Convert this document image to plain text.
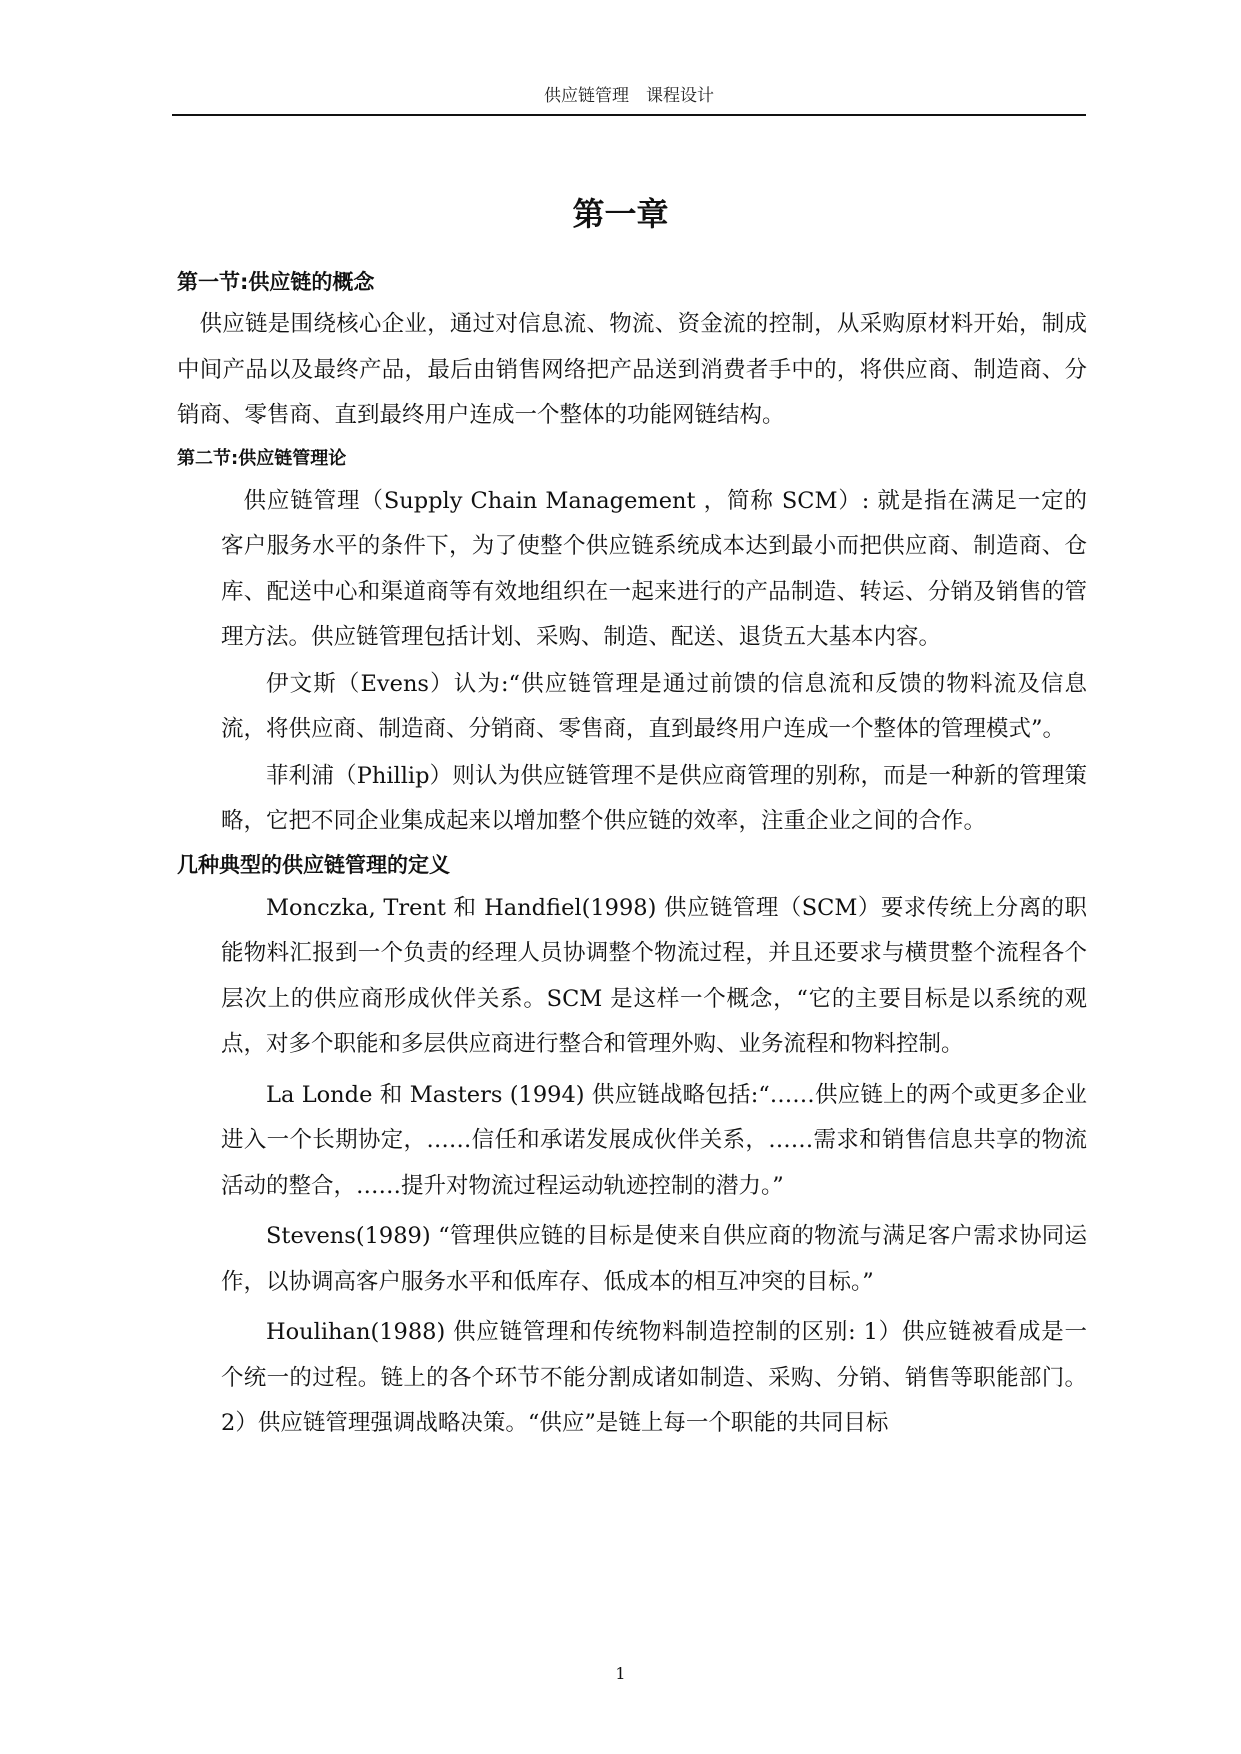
供应链管理　课程设计
第一章
第一节:供应链的概念

供应链是围绕核心企业，通过对信息流、物流、资金流的控制，从采购原材料开始，制成中间产品以及最终产品，最后由销售网络把产品送到消费者手中的，将供应商、制造商、分销商、零售商、直到最终用户连成一个整体的功能网链结构。

第二节:供应链管理论

供应链管理（Supply Chain Management ，简称 SCM）: 就是指在满足一定的客户服务水平的条件下，为了使整个供应链系统成本达到最小而把供应商、制造商、仓库、配送中心和渠道商等有效地组织在一起来进行的产品制造、转运、分销及销售的管理方法。供应链管理包括计划、采购、制造、配送、退货五大基本内容。

伊文斯（Evens）认为:“供应链管理是通过前馈的信息流和反馈的物料流及信息流，将供应商、制造商、分销商、零售商，直到最终用户连成一个整体的管理模式”。

菲利浦（Phillip）则认为供应链管理不是供应商管理的别称，而是一种新的管理策略，它把不同企业集成起来以增加整个供应链的效率，注重企业之间的合作。

几种典型的供应链管理的定义

Monczka, Trent 和 Handfiel(1998) 供应链管理（SCM）要求传统上分离的职能物料汇报到一个负责的经理人员协调整个物流过程，并且还要求与横贯整个流程各个层次上的供应商形成伙伴关系。SCM 是这样一个概念，“它的主要目标是以系统的观点，对多个职能和多层供应商进行整合和管理外购、业务流程和物料控制。

La Londe 和 Masters (1994) 供应链战略包括:“……供应链上的两个或更多企业进入一个长期协定，……信任和承诺发展成伙伴关系，……需求和销售信息共享的物流活动的整合，……提升对物流过程运动轨迹控制的潜力。”

Stevens(1989) “管理供应链的目标是使来自供应商的物流与满足客户需求协同运作，以协调高客户服务水平和低库存、低成本的相互冲突的目标。”

Houlihan(1988) 供应链管理和传统物料制造控制的区别: 1）供应链被看成是一个统一的过程。链上的各个环节不能分割成诸如制造、采购、分销、销售等职能部门。2）供应链管理强调战略决策。“供应”是链上每一个职能的共同目标

1
